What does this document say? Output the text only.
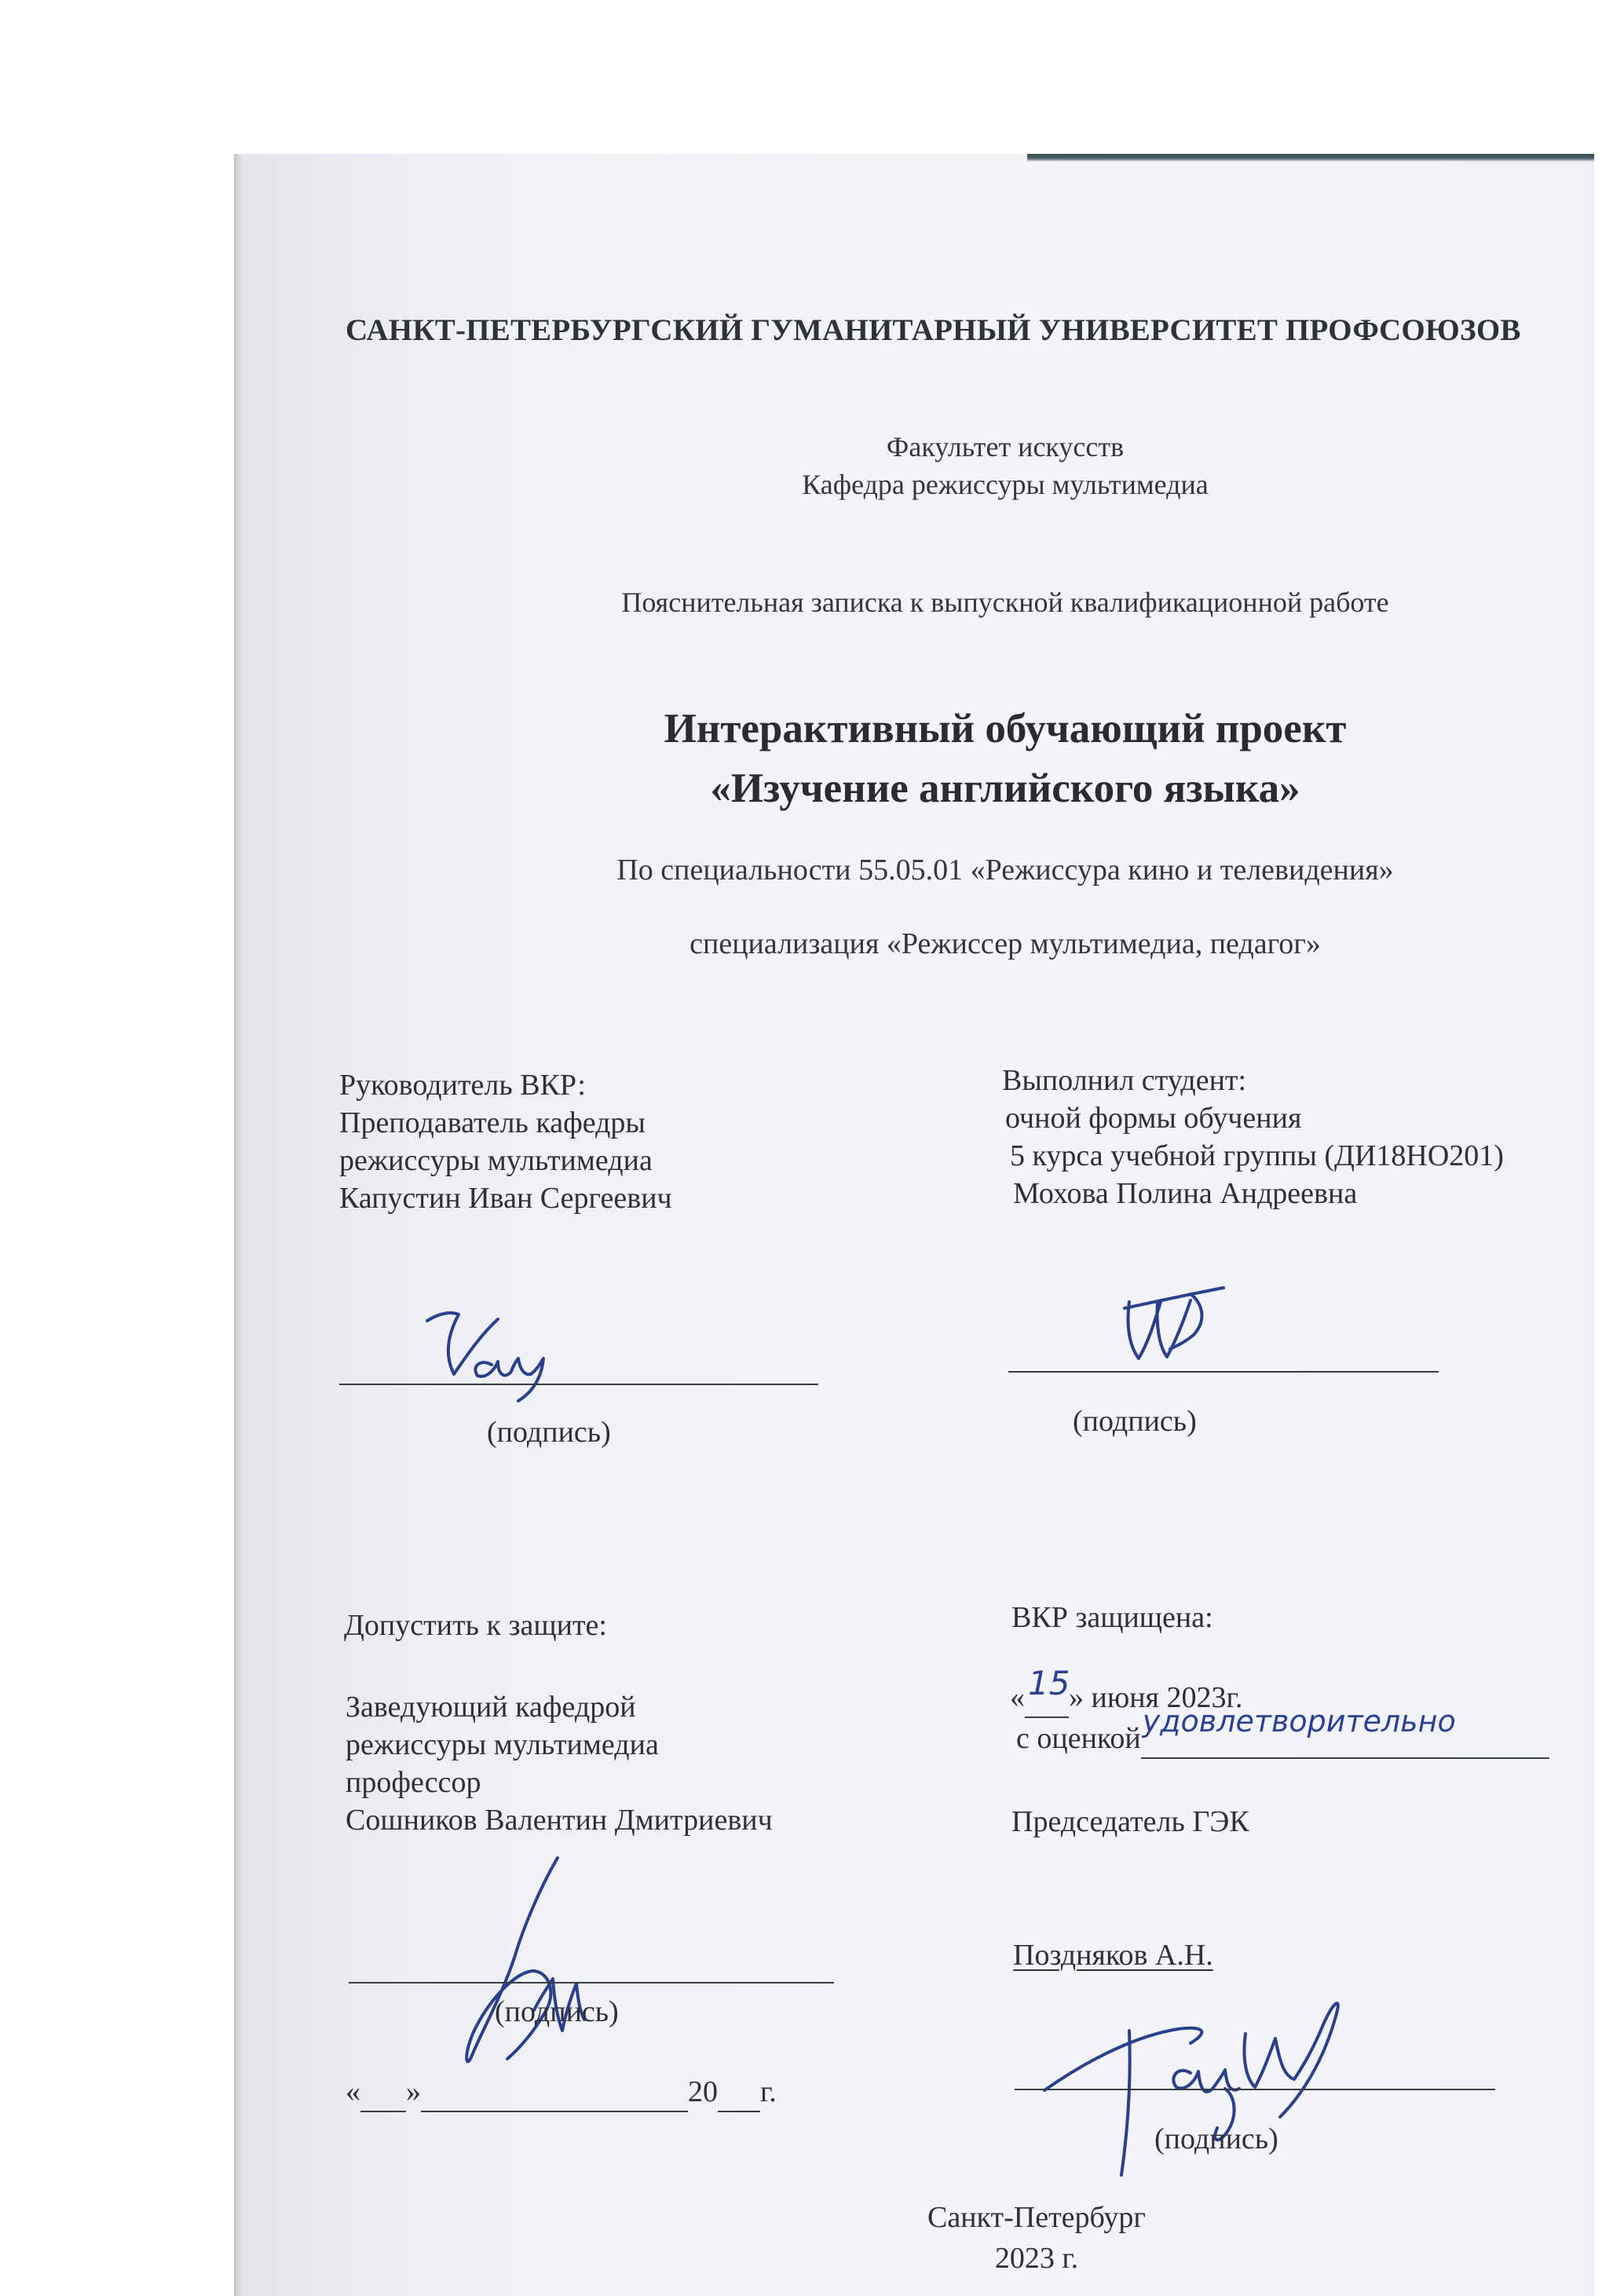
САНКТ-ПЕТЕРБУРГСКИЙ ГУМАНИТАРНЫЙ УНИВЕРСИТЕТ ПРОФСОЮЗОВ

Факультет искусств

Кафедра режиссуры мультимедиа

Пояснительная записка к выпускной квалификационной работе

Интерактивный обучающий проект

«Изучение английского языка»

По специальности 55.05.01 «Режиссура кино и телевидения»

специализация «Режиссер мультимедиа, педагог»

Руководитель ВКР:
Преподаватель кафедры
режиссуры мультимедиа
Капустин Иван Сергеевич
Выполнил студент:
очной формы обучения
5 курса учебной группы (ДИ18НО201)
Мохова Полина Андреевна

(подпись)	(подпись)

Допустить к защите:

Заведующий кафедрой
режиссуры мультимедиа
профессор
Сошников Валентин Дмитриевич

(подпись)

« »	20 г.

ВКР защищена:

« 15
» июня 2023г.
с оценкой удовлетворительно

Председатель ГЭК

Поздняков А.Н.

(подпись)

Санкт-Петербург

2023 г.
